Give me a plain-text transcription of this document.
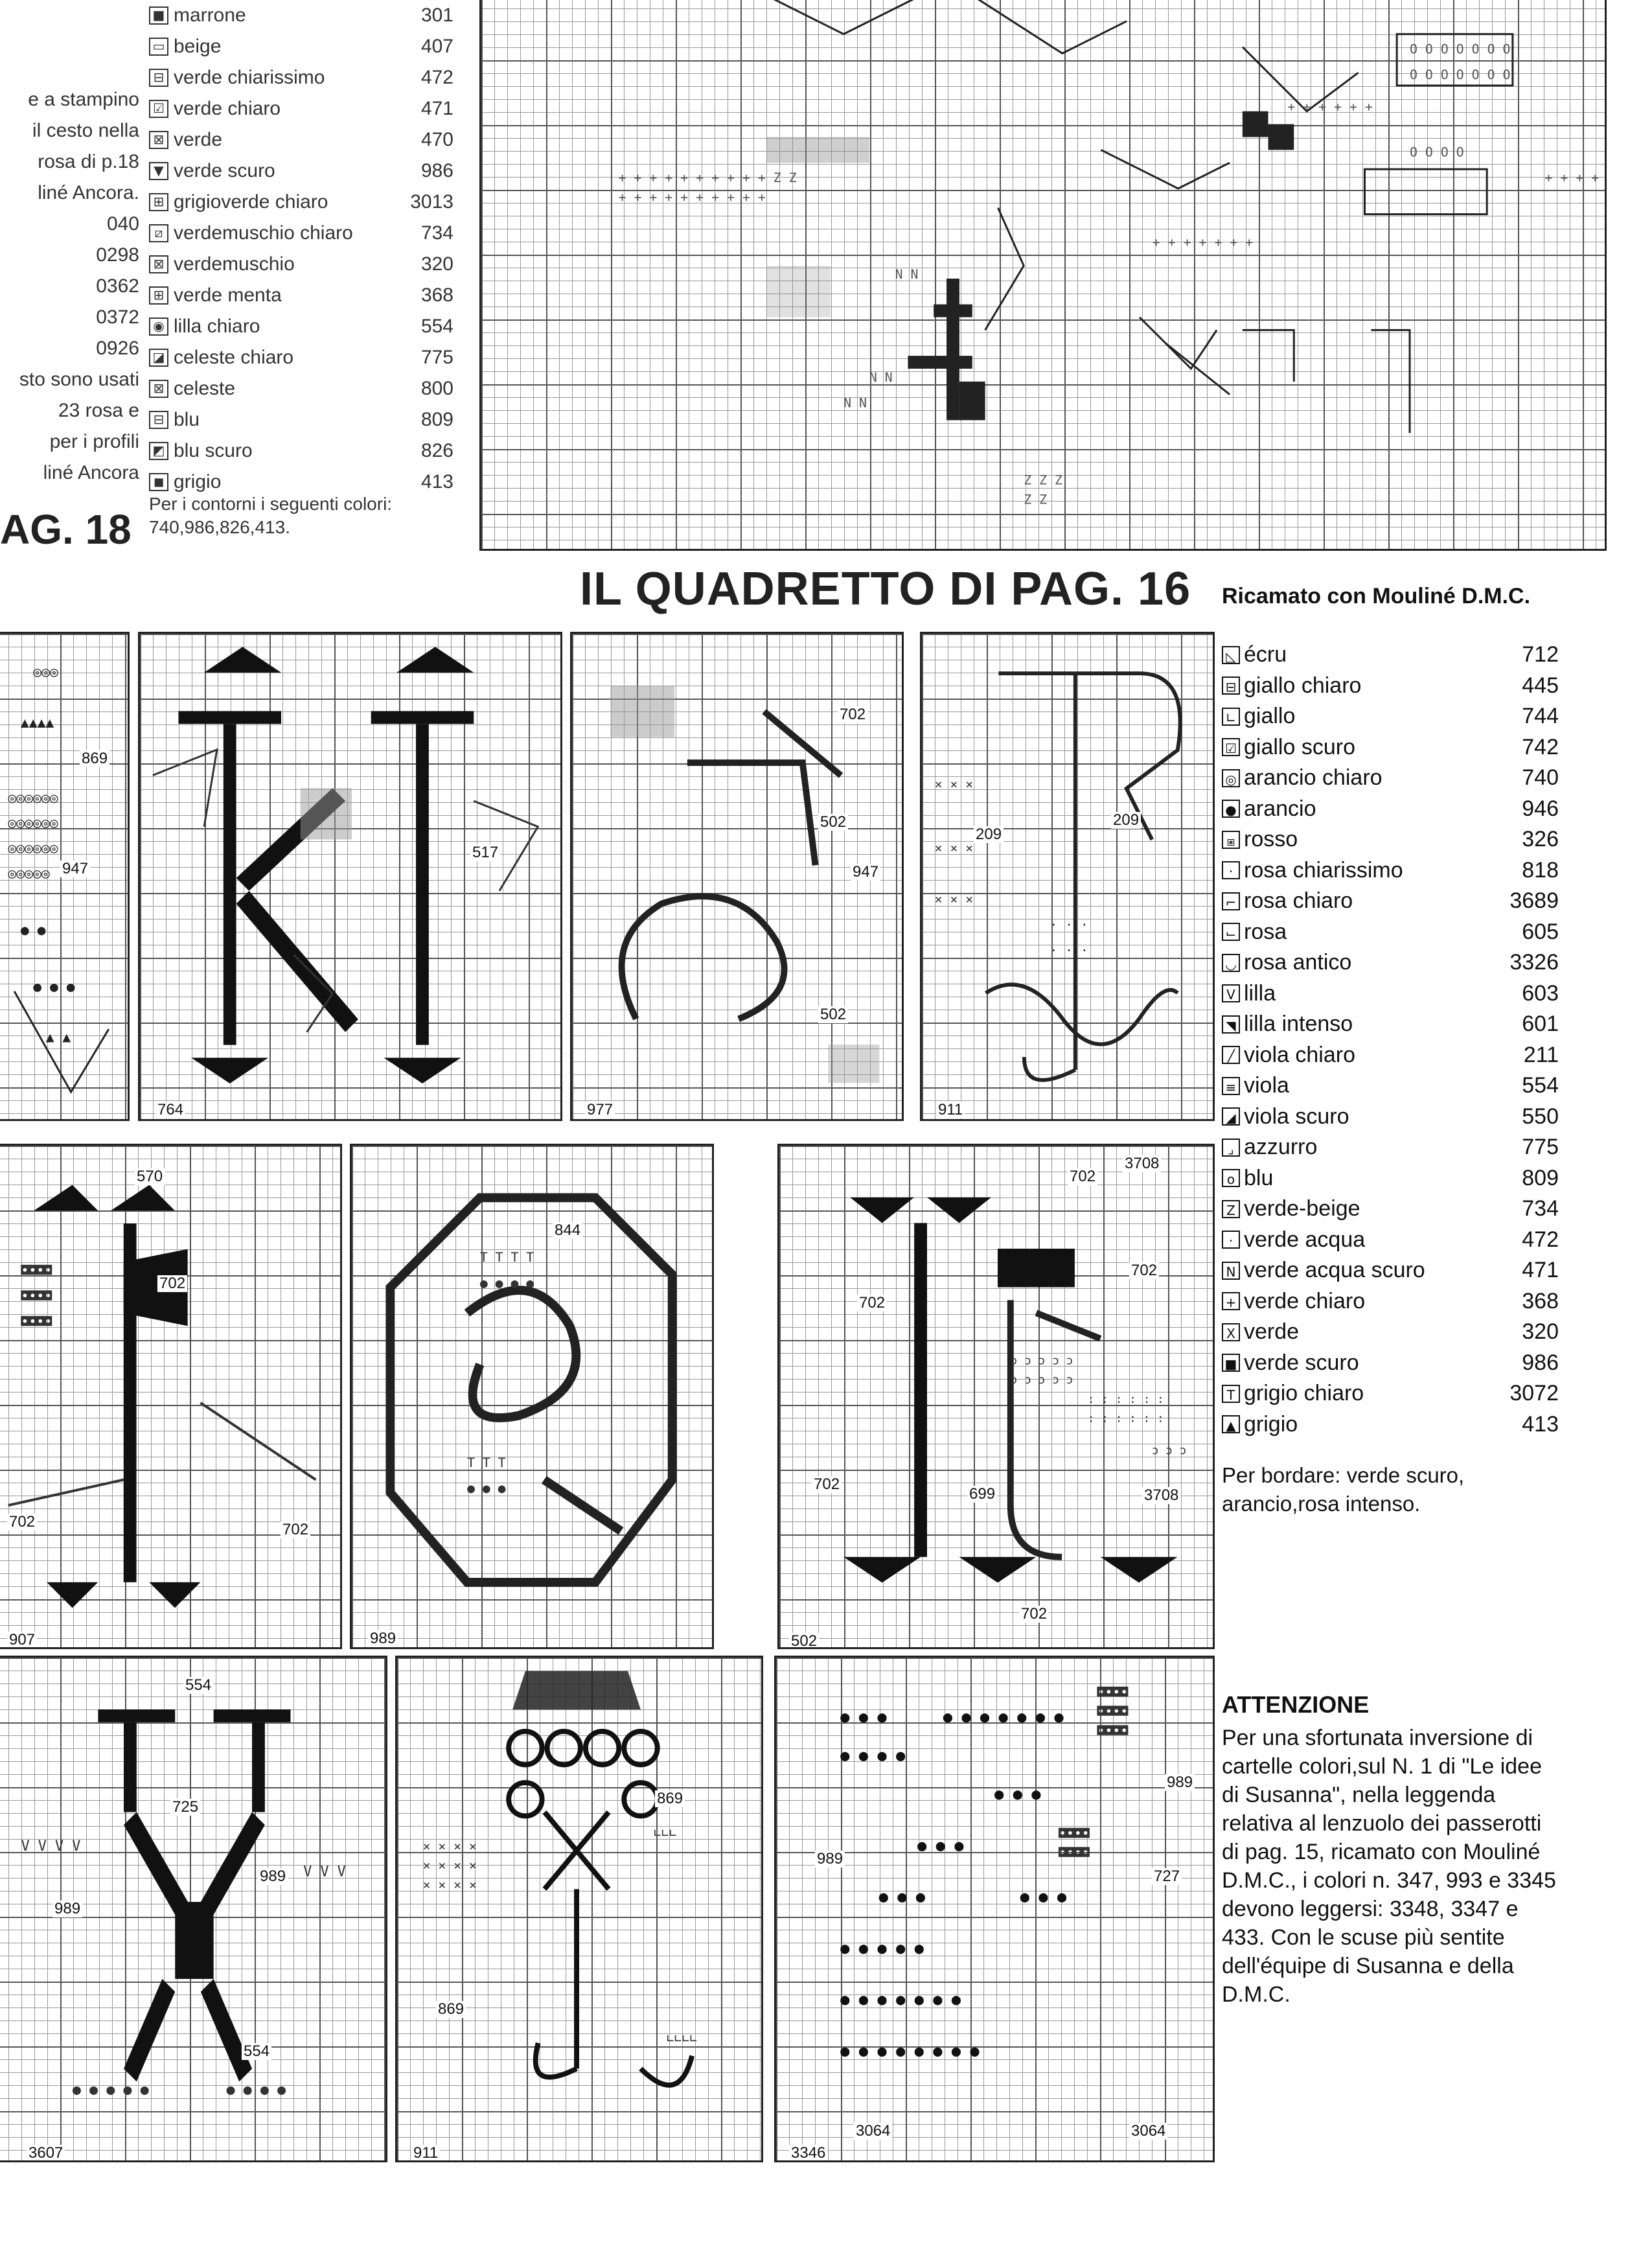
■ marrone	301
▭ beige	407
⊟ verde chiarissimo	472
☑ verde chiaro	471
⊠ verde	470
▼ verde scuro	986
⊞ grigioverde chiaro	3013
⧄ verdemuschio chiaro	734
⊠ verdemuschio	320
⊞ verde menta	368
◉ lilla chiaro	554
◪ celeste chiaro	775
⊠ celeste	800
⊟ blu	809
◩ blu scuro	826
◼ grigio	413
Per i contorni i seguenti colori: 740,986,826,413.
e a stampino
il cesto nella
rosa di p.18
liné Ancora.
040
0298
0362
0372
0926
sto sono usati
23 rosa e
per i profili
liné Ancora
AG. 18
O O O O O O O
O O O O O O O
O O O O
+ + + + + + + + + + Z Z
+ + + + + + + + + +
+ + + + + +
+ + + +
+ + + + + + +
N N
N N
N N
Z Z Z
Z Z
IL QUADRETTO DI PAG. 16 Ricamato con Mouliné D.M.C.
◺ écru	712
⊟ giallo chiaro	445
∟ giallo	744
☑ giallo scuro	742
◎ arancio chiaro	740
● arancio	946
⧆ rosso	326
· rosa chiarissimo	818
⌐ rosa chiaro	3689
⌙ rosa	605
◡ rosa antico	3326
V lilla	603
◥ lilla intenso	601
╱ viola chiaro	211
≡ viola	554
◢ viola scuro	550
⌟ azzurro	775
o blu	809
Z verde-beige	734
· verde acqua	472
N verde acqua scuro	471
+ verde chiaro	368
X verde	320
■ verde scuro	986
T grigio chiaro	3072
▲ grigio	413
Per bordare: verde scuro, arancio,rosa intenso.
ATTENZIONE
Per una sfortunata inversione di cartelle colori,sul N. 1 di "Le idee di Susanna", nella leggenda relativa al lenzuolo dei passerotti di pag. 15, ricamato con Mouliné D.M.C., i colori n. 347, 993 e 3345 devono leggersi: 3348, 3347 e 433. Con le scuse più sentite dell'équipe di Susanna e della D.M.C.
◎◎◎
▲▲▲▲
◎◎◎◎◎◎
◎◎◎◎◎◎
◎◎◎◎◎◎
◎◎◎◎◎
● ●
● ● ●
▲ ▲
869
947
764
517
702
947
502
502
977
× × ×
× × ×
× × ×
· · ·
· · ·
209
209
911
◘◘◘◘
◘◘◘◘
◘◘◘◘
570
702
702	702
907
T T T T
● ● ● ●
T T T
● ● ●
844
989
ɔ ɔ ɔ ɔ ɔ
ɔ ɔ ɔ ɔ ɔ
: : : : : :
: : : : : :
ɔ ɔ ɔ
3708
702
702
702
702
699	3708
702
502
● ● ● ● ●	● ● ● ●
V V V V
V V V
554
725
989
989
554
3607
× × × ×
× × × ×
× × × ×
∟∟∟
∟∟∟∟
869
869
911
● ● ●	● ● ● ● ● ● ●
● ● ● ●
● ● ●
● ● ●
● ● ●
● ● ● ● ●
● ● ● ● ● ● ●
● ● ● ● ● ● ● ●
● ● ●
◘◘◘◘
◘◘◘◘
◘◘◘◘
◘◘◘◘
◘◘◘◘
989
727
989
3064	3064
3346
